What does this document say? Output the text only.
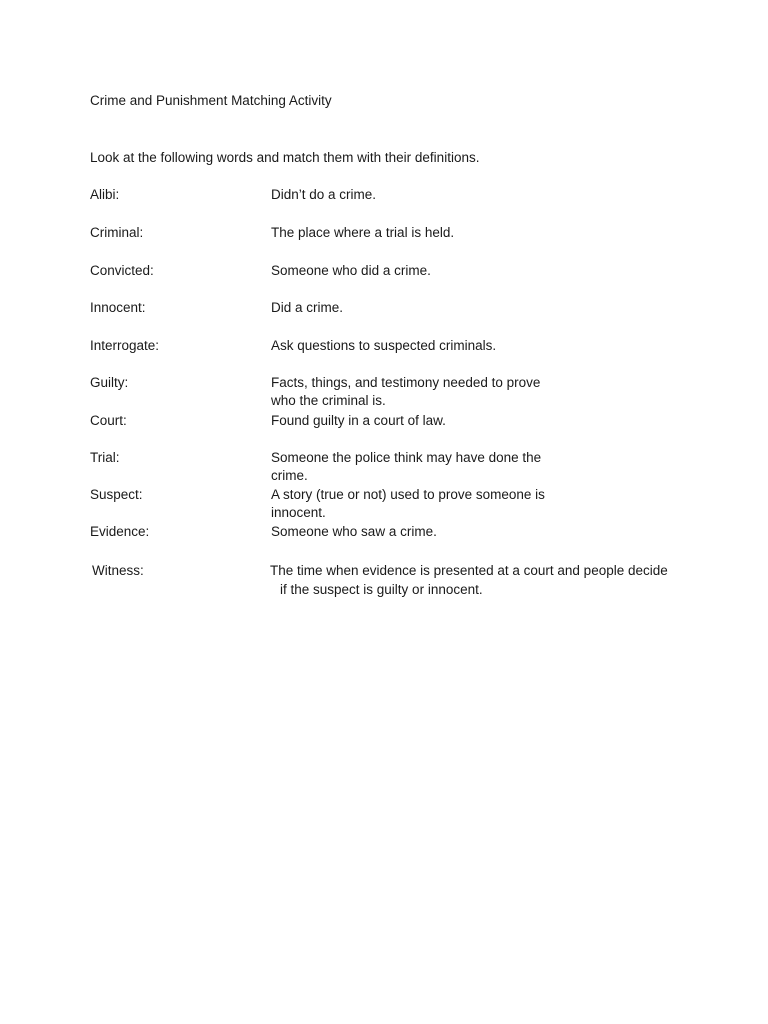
Crime and Punishment Matching Activity
Look at the following words and match them with their definitions.
Alibi:	Didn’t do a crime.
Criminal:	The place where a trial is held.
Convicted:	Someone who did a crime.
Innocent:	Did a crime.
Interrogate:	Ask questions to suspected criminals.
Guilty:	Facts, things, and testimony needed to prove
who the criminal is.
Court:	Found guilty in a court of law.
Trial:	Someone the police think may have done the
crime.
Suspect:	A story (true or not) used to prove someone is
innocent.
Evidence:	Someone who saw a crime.
Witness:	The time when evidence is presented at a court and people decide
if the suspect is guilty or innocent.
